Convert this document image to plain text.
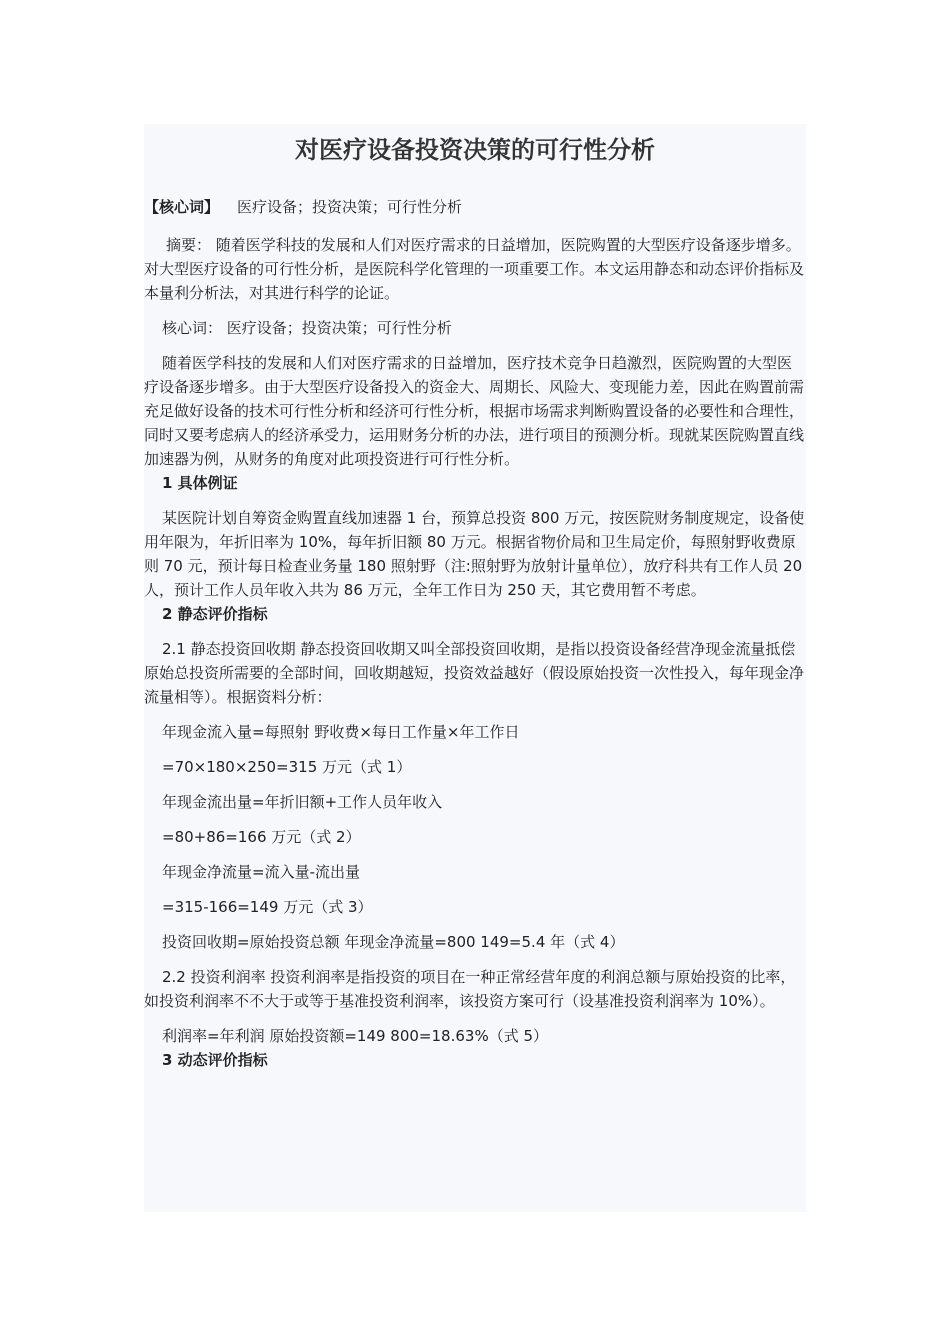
对医疗设备投资决策的可行性分析
【核心词】 医疗设备；投资决策；可行性分析

摘要： 随着医学科技的发展和人们对医疗需求的日益增加，医院购置的大型医疗设备逐步增多。对大型医疗设备的可行性分析，是医院科学化管理的一项重要工作。本文运用静态和动态评价指标及本量利分析法，对其进行科学的论证。

核心词： 医疗设备；投资决策；可行性分析

随着医学科技的发展和人们对医疗需求的日益增加，医疗技术竞争日趋激烈，医院购置的大型医疗设备逐步增多。由于大型医疗设备投入的资金大、周期长、风险大、变现能力差，因此在购置前需充足做好设备的技术可行性分析和经济可行性分析，根据市场需求判断购置设备的必要性和合理性，同时又要考虑病人的经济承受力，运用财务分析的办法，进行项目的预测分析。现就某医院购置直线加速器为例，从财务的角度对此项投资进行可行性分析。

1 具体例证

某医院计划自筹资金购置直线加速器 1 台，预算总投资 800 万元，按医院财务制度规定，设备使用年限为，年折旧率为 10%，每年折旧额 80 万元。根据省物价局和卫生局定价，每照射野收费原则 70 元，预计每日检查业务量 180 照射野（注:照射野为放射计量单位），放疗科共有工作人员 20 人，预计工作人员年收入共为 86 万元，全年工作日为 250 天，其它费用暂不考虑。

2 静态评价指标

2.1 静态投资回收期 静态投资回收期又叫全部投资回收期，是指以投资设备经营净现金流量抵偿原始总投资所需要的全部时间，回收期越短，投资效益越好（假设原始投资一次性投入，每年现金净流量相等）。根据资料分析：

年现金流入量=每照射 野收费×每日工作量×年工作日

=70×180×250=315 万元（式 1）

年现金流出量=年折旧额+工作人员年收入

=80+86=166 万元（式 2）

年现金净流量=流入量-流出量

=315-166=149 万元（式 3）

投资回收期=原始投资总额 年现金净流量=800 149=5.4 年（式 4）

2.2 投资利润率 投资利润率是指投资的项目在一种正常经营年度的利润总额与原始投资的比率，如投资利润率不不大于或等于基准投资利润率，该投资方案可行（设基准投资利润率为 10%）。

利润率=年利润 原始投资额=149 800=18.63%（式 5）

3 动态评价指标
